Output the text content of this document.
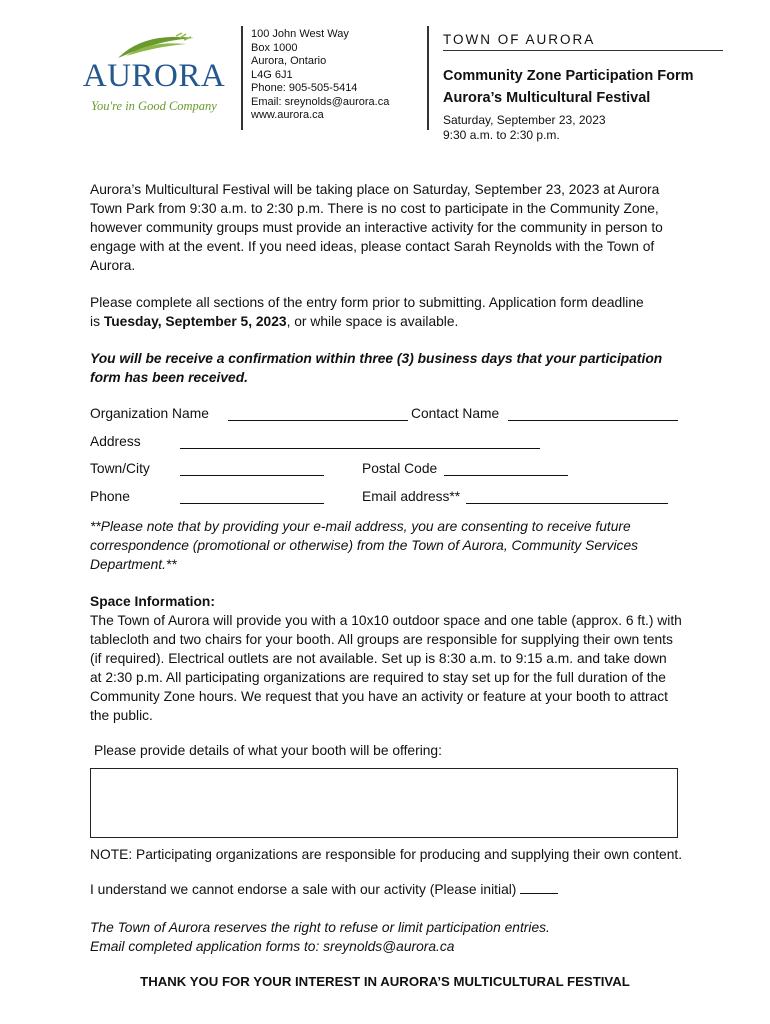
AURORA
You're in Good Company
100 John West Way
Box 1000
Aurora, Ontario
L4G 6J1
Phone: 905-505-5414
Email: sreynolds@aurora.ca
www.aurora.ca
TOWN OF AURORA
Community Zone Participation Form
Aurora’s Multicultural Festival
Saturday, September 23, 2023
9:30 a.m. to 2:30 p.m.
Aurora’s Multicultural Festival will be taking place on Saturday, September 23, 2023 at Aurora Town Park from 9:30 a.m. to 2:30 p.m. There is no cost to participate in the Community Zone, however community groups must provide an interactive activity for the community in person to engage with at the event. If you need ideas, please contact Sarah Reynolds with the Town of Aurora.
Please complete all sections of the entry form prior to submitting. Application form deadline is Tuesday, September 5, 2023, or while space is available.
You will be receive a confirmation within three (3) business days that your participation form has been received.
Organization Name	Contact Name
Address
Town/City	Postal Code
Phone	Email address**
**Please note that by providing your e-mail address, you are consenting to receive future correspondence (promotional or otherwise) from the Town of Aurora, Community Services Department.**
Space Information:
The Town of Aurora will provide you with a 10x10 outdoor space and one table (approx. 6 ft.) with tablecloth and two chairs for your booth. All groups are responsible for supplying their own tents (if required). Electrical outlets are not available. Set up is 8:30 a.m. to 9:15 a.m. and take down at 2:30 p.m. All participating organizations are required to stay set up for the full duration of the Community Zone hours. We request that you have an activity or feature at your booth to attract the public.
Please provide details of what your booth will be offering:
NOTE: Participating organizations are responsible for producing and supplying their own content.
I understand we cannot endorse a sale with our activity (Please initial)
The Town of Aurora reserves the right to refuse or limit participation entries.
Email completed application forms to: sreynolds@aurora.ca
THANK YOU FOR YOUR INTEREST IN AURORA’S MULTICULTURAL FESTIVAL
